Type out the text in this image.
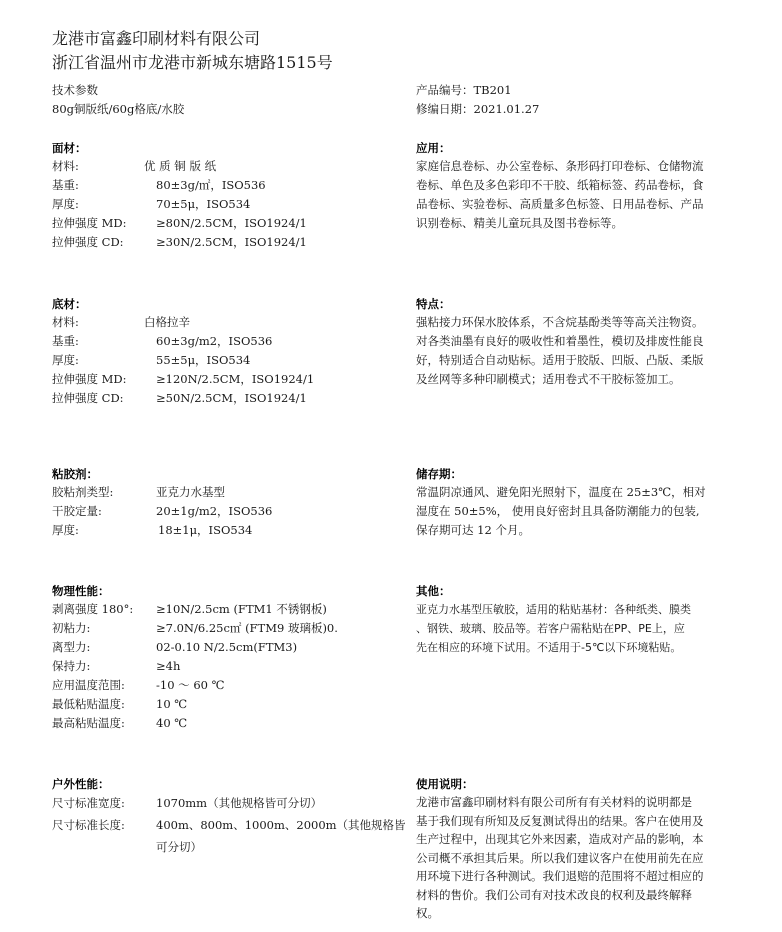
龙港市富鑫印刷材料有限公司
浙江省温州市龙港市新城东塘路1515号
技术参数
80g铜版纸/60g格底/水胶
产品编号：TB201
修编日期：2021.01.27
面材：
材料:	优 质 铜 版 纸
基重:	80±3g/㎡，ISO536
厚度:	70±5μ，ISO534
拉伸强度 MD:	≥80N/2.5CM，ISO1924/1
拉伸强度 CD:	≥30N/2.5CM，ISO1924/1
应用：
家庭信息卷标、办公室卷标、条形码打印卷标、仓储物流
卷标、单色及多色彩印不干胶、纸箱标签、药品卷标，食
品卷标、实验卷标、高质量多色标签、日用品卷标、产品
识别卷标、精美儿童玩具及图书卷标等。
底材：
材料:	白格拉辛
基重:	60±3g/m2，ISO536
厚度:	55±5μ，ISO534
拉伸强度 MD:	≥120N/2.5CM，ISO1924/1
拉伸强度 CD:	≥50N/2.5CM，ISO1924/1
特点：
强粘接力环保水胶体系，不含烷基酚类等等高关注物资。
对各类油墨有良好的吸收性和着墨性，模切及排废性能良
好，特别适合自动贴标。适用于胶版、凹版、凸版、柔版
及丝网等多种印刷模式；适用卷式不干胶标签加工。
粘胶剂：
胶粘剂类型:	亚克力水基型
干胶定量:	20±1g/m2，ISO536
厚度:	18±1μ，ISO534
储存期：
常温阴凉通风、避免阳光照射下，温度在 25±3℃，相对
湿度在 50±5%， 使用良好密封且具备防潮能力的包装,
保存期可达 12 个月。
物理性能：
剥离强度 180°: ≥10N/2.5cm (FTM1 不锈钢板)
初粘力:	≥7.0N/6.25c㎡ (FTM9 玻璃板)0.
离型力:	02-0.10 N/2.5cm(FTM3)
保持力:	≥4h
应用温度范围:	-10 ～ 60 ℃
最低粘贴温度:	10 ℃
最高粘贴温度:	40 ℃
其他：
亚克力水基型压敏胶，适用的粘贴基材：各种纸类、膜类
、钢铁、玻璃、胶品等。若客户需粘贴在PP、PE上，应
先在相应的环境下试用。不适用于-5℃以下环境粘贴。
户外性能：
尺寸标准宽度:	1070mm（其他规格皆可分切）
尺寸标准长度:	400m、800m、1000m、2000m（其他规格皆
可分切）
使用说明：
龙港市富鑫印刷材料有限公司所有有关材料的说明都是
基于我们现有所知及反复测试得出的结果。客户在使用及
生产过程中，出现其它外来因素，造成对产品的影响，本
公司概不承担其后果。所以我们建议客户在使用前先在应
用环境下进行各种测试。我们退赔的范围将不超过相应的
材料的售价。我们公司有对技术改良的权利及最终解释
权。
